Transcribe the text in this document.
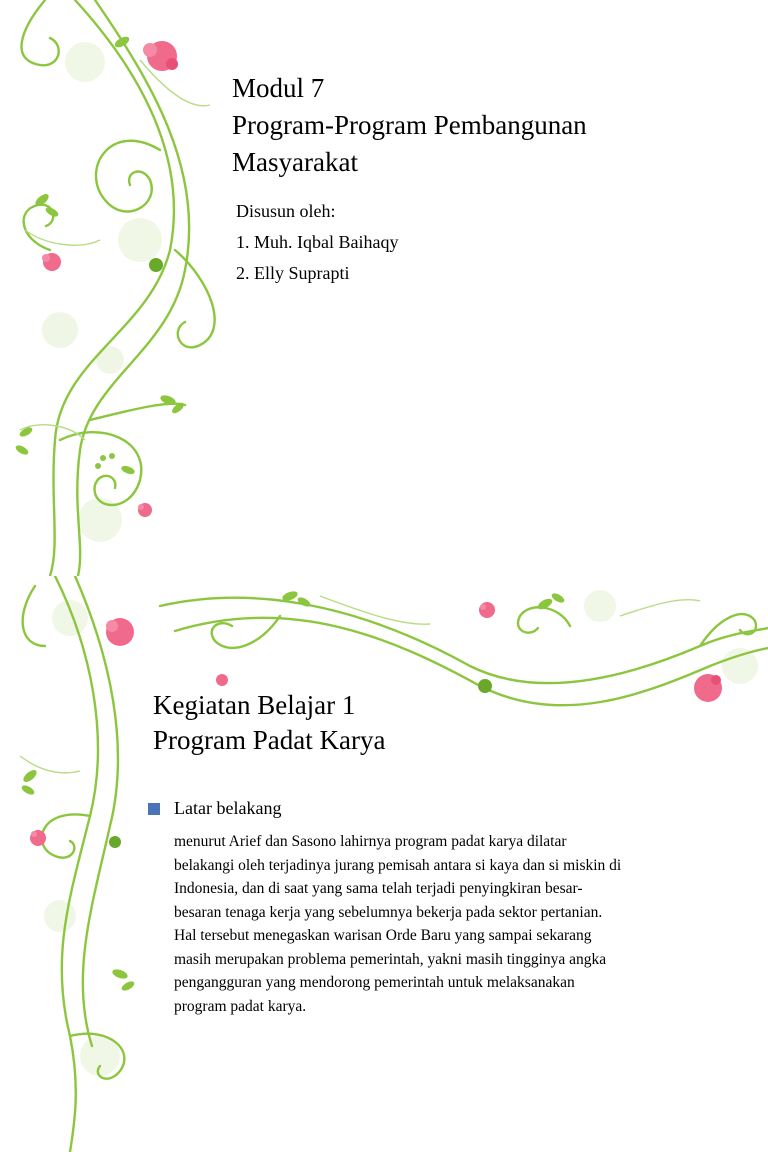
Modul 7
Program-Program Pembangunan
Masyarakat
Disusun oleh:
1. Muh. Iqbal Baihaqy
2. Elly Suprapti
Kegiatan Belajar 1
Program Padat Karya
Latar belakang

menurut Arief dan Sasono lahirnya program padat karya dilatar
belakangi oleh terjadinya jurang pemisah antara si kaya dan si miskin di
Indonesia, dan di saat yang sama telah terjadi penyingkiran besar-
besaran tenaga kerja yang sebelumnya bekerja pada sektor pertanian.
Hal tersebut menegaskan warisan Orde Baru yang sampai sekarang
masih merupakan problema pemerintah, yakni masih tingginya angka
pengangguran yang mendorong pemerintah untuk melaksanakan
program padat karya.
